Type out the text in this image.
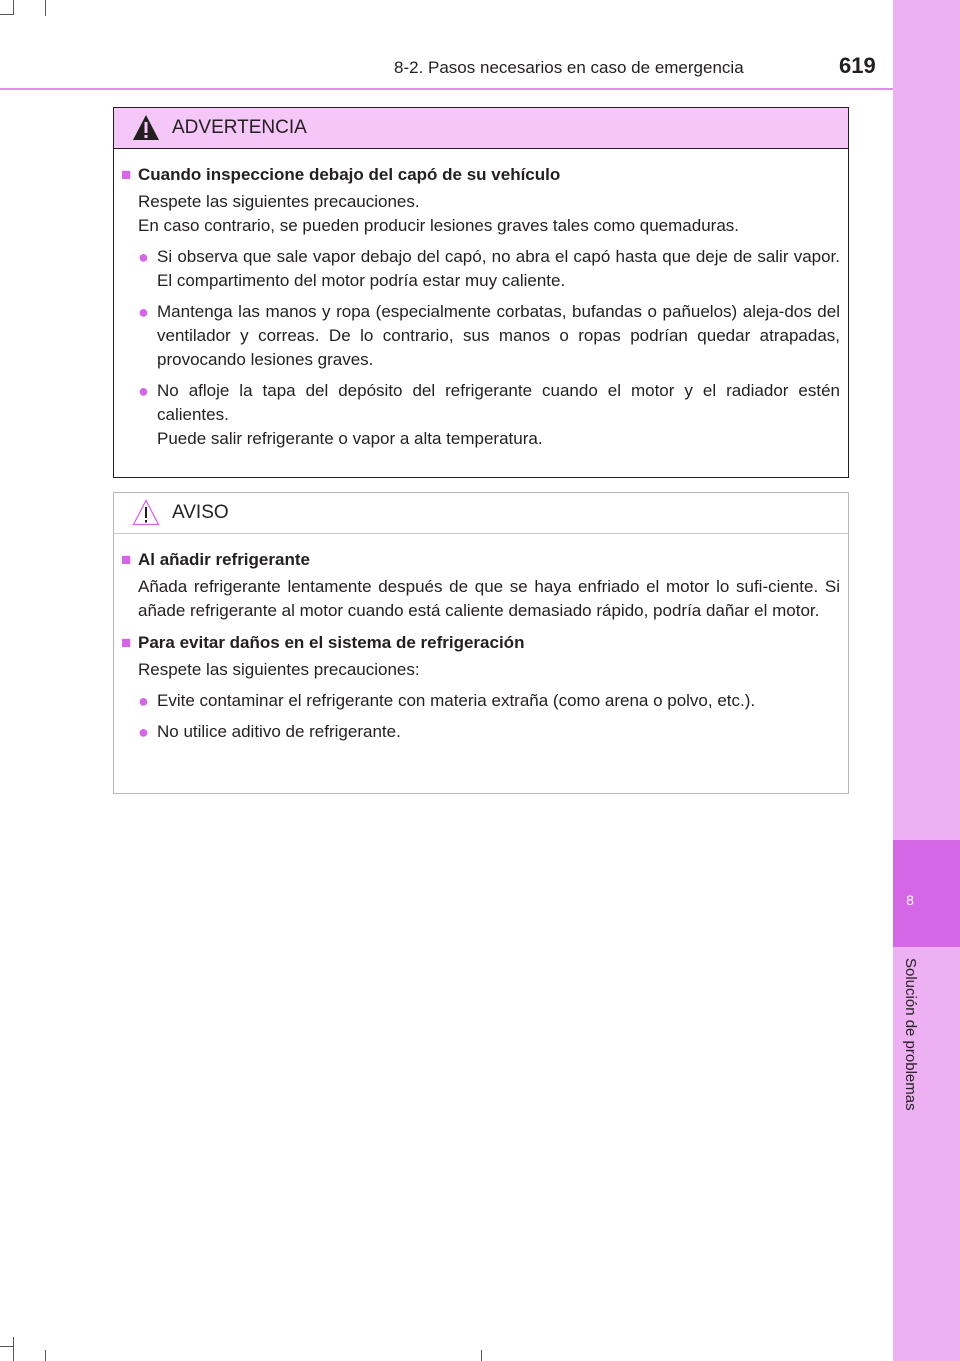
8
Solución de problemas
8-2. Pasos necesarios en caso de emergencia	619
ADVERTENCIA
■ Cuando inspeccione debajo del capó de su vehículo
Respete las siguientes precauciones.
En caso contrario, se pueden producir lesiones graves tales como quemaduras.
● Si observa que sale vapor debajo del capó, no abra el capó hasta que deje de salir vapor. El compartimento del motor podría estar muy caliente.
● Mantenga las manos y ropa (especialmente corbatas, bufandas o pañuelos) aleja-dos del ventilador y correas. De lo contrario, sus manos o ropas podrían quedar atrapadas, provocando lesiones graves.
● No afloje la tapa del depósito del refrigerante cuando el motor y el radiador estén calientes.
Puede salir refrigerante o vapor a alta temperatura.
AVISO
■ Al añadir refrigerante
Añada refrigerante lentamente después de que se haya enfriado el motor lo sufi-ciente. Si añade refrigerante al motor cuando está caliente demasiado rápido, podría dañar el motor.
■ Para evitar daños en el sistema de refrigeración
Respete las siguientes precauciones:
● Evite contaminar el refrigerante con materia extraña (como arena o polvo, etc.).
● No utilice aditivo de refrigerante.
